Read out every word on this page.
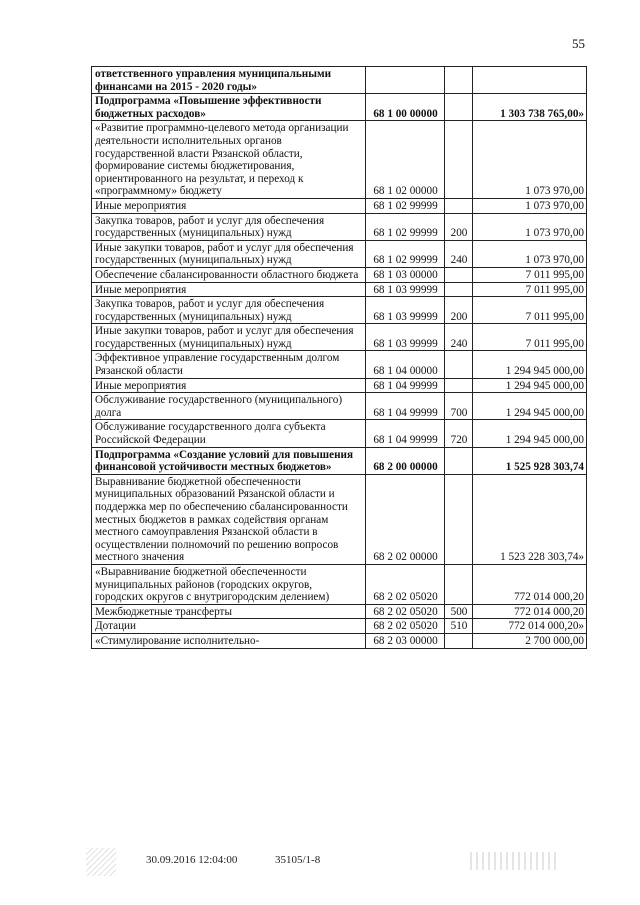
55
ответственного управления муниципальными финансами на 2015 - 2020 годы»			
Подпрограмма «Повышение эффективности бюджетных расходов»	68 1 00 00000		1 303 738 765,00»
«Развитие программно-целевого метода организации деятельности исполнительных органов государственной власти Рязанской области, формирование системы бюджетирования, ориентированного на результат, и переход к «программному» бюджету	68 1 02 00000		1 073 970,00
Иные мероприятия	68 1 02 99999		1 073 970,00
Закупка товаров, работ и услуг для обеспечения государственных (муниципальных) нужд	68 1 02 99999	200	1 073 970,00
Иные закупки товаров, работ и услуг для обеспечения государственных (муниципальных) нужд	68 1 02 99999	240	1 073 970,00
Обеспечение сбалансированности областного бюджета	68 1 03 00000		7 011 995,00
Иные мероприятия	68 1 03 99999		7 011 995,00
Закупка товаров, работ и услуг для обеспечения государственных (муниципальных) нужд	68 1 03 99999	200	7 011 995,00
Иные закупки товаров, работ и услуг для обеспечения государственных (муниципальных) нужд	68 1 03 99999	240	7 011 995,00
Эффективное управление государственным долгом Рязанской области	68 1 04 00000		1 294 945 000,00
Иные мероприятия	68 1 04 99999		1 294 945 000,00
Обслуживание государственного (муниципального) долга	68 1 04 99999	700	1 294 945 000,00
Обслуживание государственного долга субъекта Российской Федерации	68 1 04 99999	720	1 294 945 000,00
Подпрограмма «Создание условий для повышения финансовой устойчивости местных бюджетов»	68 2 00 00000		1 525 928 303,74
Выравнивание бюджетной обеспеченности муниципальных образований Рязанской области и поддержка мер по обеспечению сбалансированности местных бюджетов в рамках содействия органам местного самоуправления Рязанской области в осуществлении полномочий по решению вопросов местного значения	68 2 02 00000		1 523 228 303,74»
«Выравнивание бюджетной обеспеченности муниципальных районов (городских округов, городских округов с внутригородским делением)	68 2 02 05020		772 014 000,20
Межбюджетные трансферты	68 2 02 05020	500	772 014 000,20
Дотации	68 2 02 05020	510	772 014 000,20»
«Стимулирование исполнительно-	68 2 03 00000		2 700 000,00
30.09.2016 12:04:00	35105/1-8
